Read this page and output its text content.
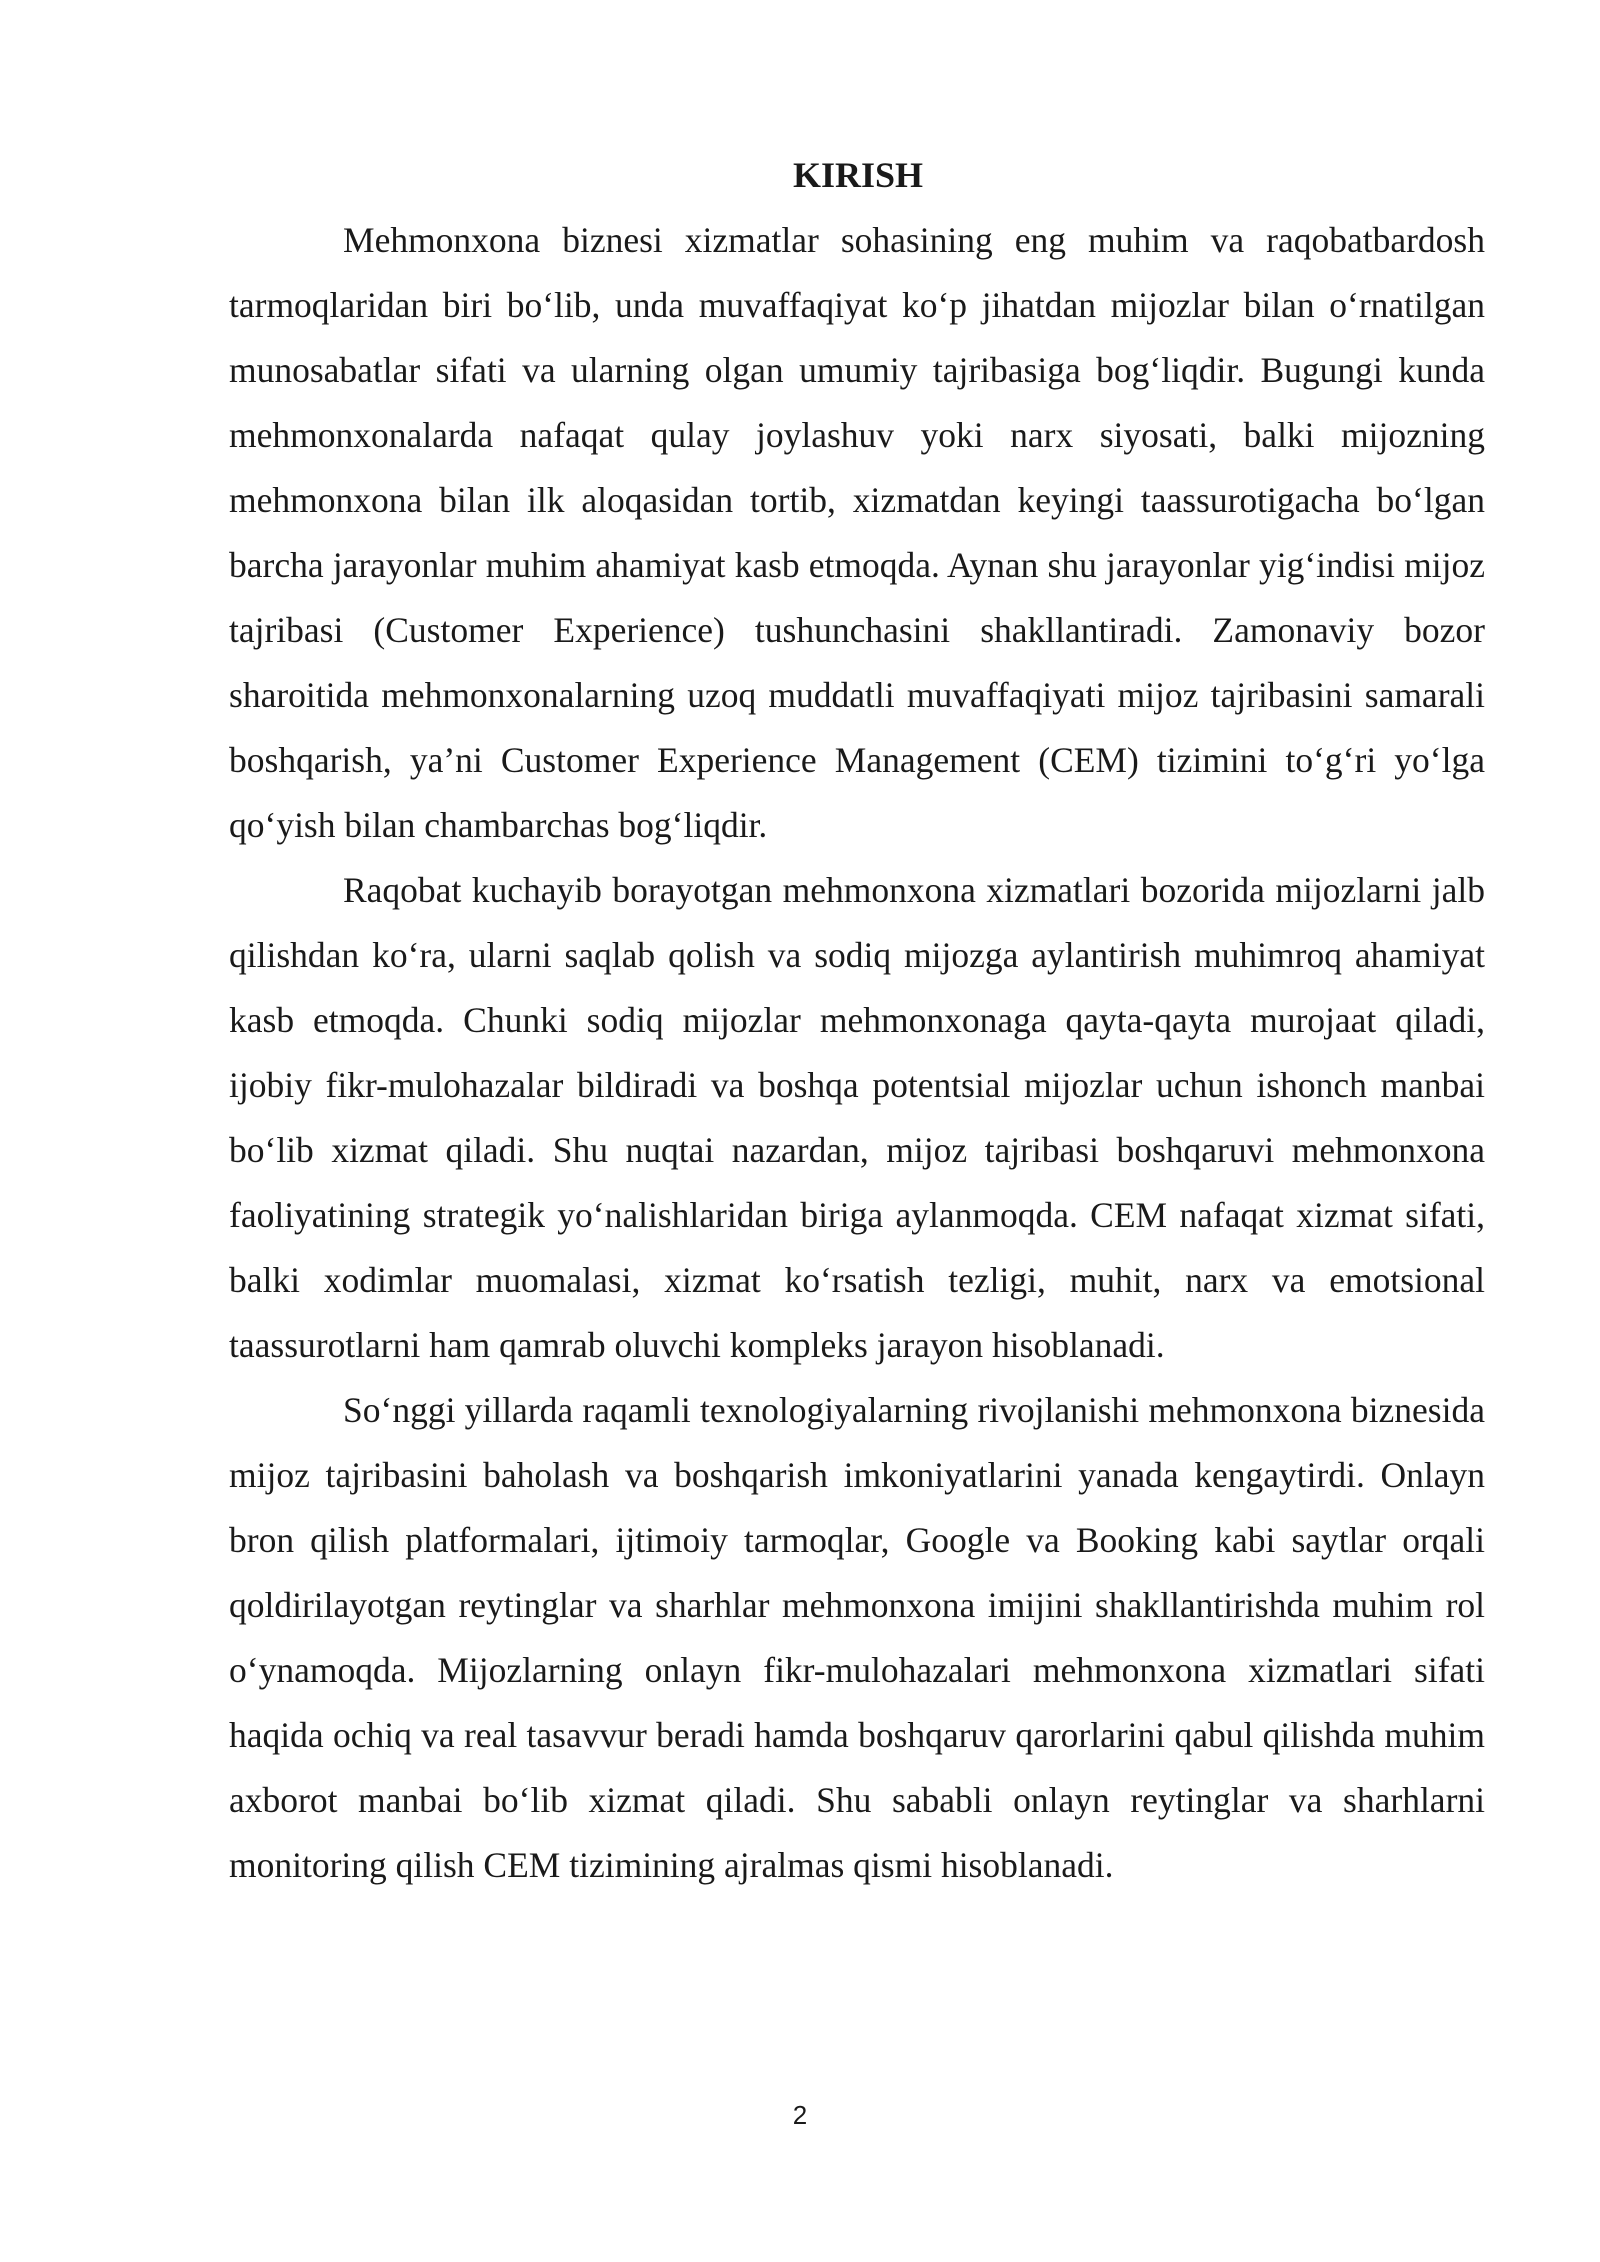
KIRISH

Mehmonxona biznesi xizmatlar sohasining eng muhim va raqobatbardosh tarmoqlaridan biri bo‘lib, unda muvaffaqiyat ko‘p jihatdan mijozlar bilan o‘rnatilgan munosabatlar sifati va ularning olgan umumiy tajribasiga bog‘liqdir. Bugungi kunda mehmonxonalarda nafaqat qulay joylashuv yoki narx siyosati, balki mijozning mehmonxona bilan ilk aloqasidan tortib, xizmatdan keyingi taassurotigacha bo‘lgan barcha jarayonlar muhim ahamiyat kasb etmoqda. Aynan shu jarayonlar yig‘indisi mijoz tajribasi (Customer Experience) tushunchasini shakllantiradi. Zamonaviy bozor sharoitida mehmonxonalarning uzoq muddatli muvaffaqiyati mijoz tajribasini samarali boshqarish, ya’ni Customer Experience Management (CEM) tizimini to‘g‘ri yo‘lga qo‘yish bilan chambarchas bog‘liqdir.

Raqobat kuchayib borayotgan mehmonxona xizmatlari bozorida mijozlarni jalb qilishdan ko‘ra, ularni saqlab qolish va sodiq mijozga aylantirish muhimroq ahamiyat kasb etmoqda. Chunki sodiq mijozlar mehmonxonaga qayta-qayta murojaat qiladi, ijobiy fikr-mulohazalar bildiradi va boshqa potentsial mijozlar uchun ishonch manbai bo‘lib xizmat qiladi. Shu nuqtai nazardan, mijoz tajribasi boshqaruvi mehmonxona faoliyatining strategik yo‘nalishlaridan biriga aylanmoqda. CEM nafaqat xizmat sifati, balki xodimlar muomalasi, xizmat ko‘rsatish tezligi, muhit, narx va emotsional taassurotlarni ham qamrab oluvchi kompleks jarayon hisoblanadi.

So‘nggi yillarda raqamli texnologiyalarning rivojlanishi mehmonxona biznesida mijoz tajribasini baholash va boshqarish imkoniyatlarini yanada kengaytirdi. Onlayn bron qilish platformalari, ijtimoiy tarmoqlar, Google va Booking kabi saytlar orqali qoldirilayotgan reytinglar va sharhlar mehmonxona imijini shakllantirishda muhim rol o‘ynamoqda. Mijozlarning onlayn fikr-mulohazalari mehmonxona xizmatlari sifati haqida ochiq va real tasavvur beradi hamda boshqaruv qarorlarini qabul qilishda muhim axborot manbai bo‘lib xizmat qiladi. Shu sababli onlayn reytinglar va sharhlarni monitoring qilish CEM tizimining ajralmas qismi hisoblanadi.

2
